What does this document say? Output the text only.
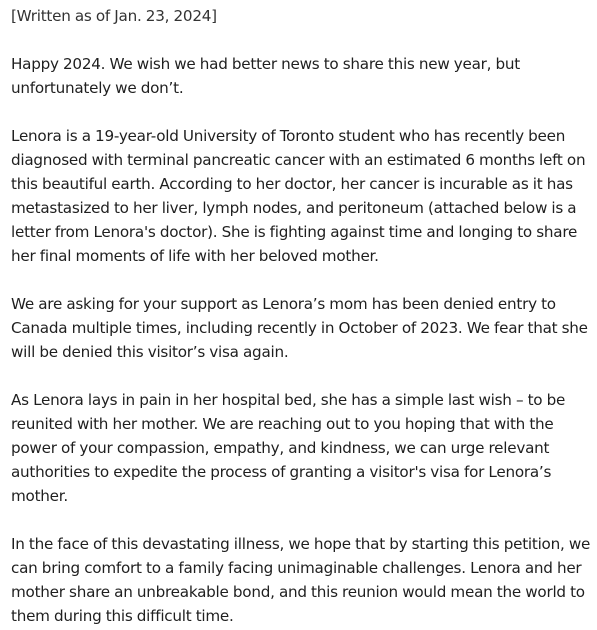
[Written as of Jan. 23, 2024]

Happy 2024. We wish we had better news to share this new year, but unfortunately we don’t.

Lenora is a 19-year-old University of Toronto student who has recently been diagnosed with terminal pancreatic cancer with an estimated 6 months left on this beautiful earth. According to her doctor, her cancer is incurable as it has metastasized to her liver, lymph nodes, and peritoneum (attached below is a letter from Lenora's doctor). She is fighting against time and longing to share her final moments of life with her beloved mother.

We are asking for your support as Lenora’s mom has been denied entry to Canada multiple times, including recently in October of 2023. We fear that she will be denied this visitor’s visa again.

As Lenora lays in pain in her hospital bed, she has a simple last wish – to be reunited with her mother. We are reaching out to you hoping that with the power of your compassion, empathy, and kindness, we can urge relevant authorities to expedite the process of granting a visitor's visa for Lenora’s mother.

In the face of this devastating illness, we hope that by starting this petition, we can bring comfort to a family facing unimaginable challenges. Lenora and her mother share an unbreakable bond, and this reunion would mean the world to them during this difficult time.
